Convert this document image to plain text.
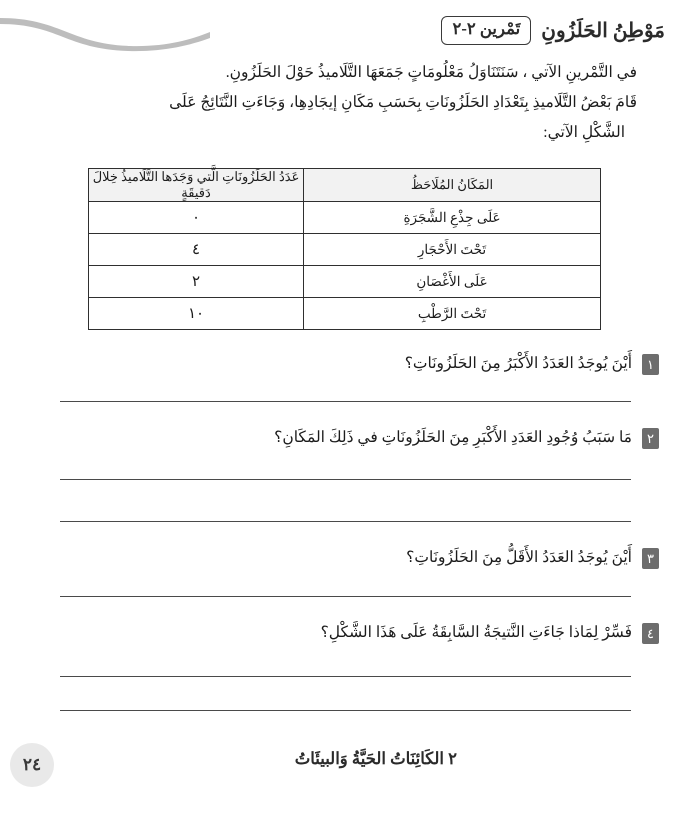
مَوْطِنُ الحَلَزُونِ
تَمْرين ٢-٢
في التَّمْرينِ الآتي ، سَنَتَنَاوَلُ مَعْلُومَاتٍ جَمَعَهَا التَّلَاميذُ حَوْلَ الحَلَزُونِ.
قَامَ بَعْضُ التَّلَاميذِ بِتَعْدَادِ الحَلَزُونَاتِ بِحَسَبِ مَكَانِ إيجَادِهِا، وَجَاءَتِ النَّتَائِجُ عَلَى
الشَّكْلِ الآتي:
المَكَانُ المُلَاحَظُ	عَدَدُ الحَلَزُونَاتِ الَّتي وَجَدَها التَّلَاميذُ خِلالَ دَقيقَةٍ
عَلَى جِذْعِ الشَّجَرَةِ	٠
تَحْتَ الأَحْجَارِ	٤
عَلَى الأَغْصَانِ	٢
تَحْتَ الرَّطْبِ	١٠
١
أَيْنَ يُوجَدُ العَدَدُ الأَكْبَرُ مِنَ الحَلَزُونَاتِ؟
٢
مَا سَبَبُ وُجُودِ العَدَدِ الأَكْبَرِ مِنَ الحَلَزُونَاتِ في ذَلِكَ المَكَانِ؟
٣
أَيْنَ يُوجَدُ العَدَدُ الأَقَلُّ مِنَ الحَلَزُونَاتِ؟
٤
فَسِّرْ لِمَاذا جَاءَتِ النَّتيجَةُ السَّابِقَةُ عَلَى هَذَا الشَّكْلِ؟
٢ الكَائِنَاتُ الحَيَّةُ وَالبيئَاتُ
٢٤
